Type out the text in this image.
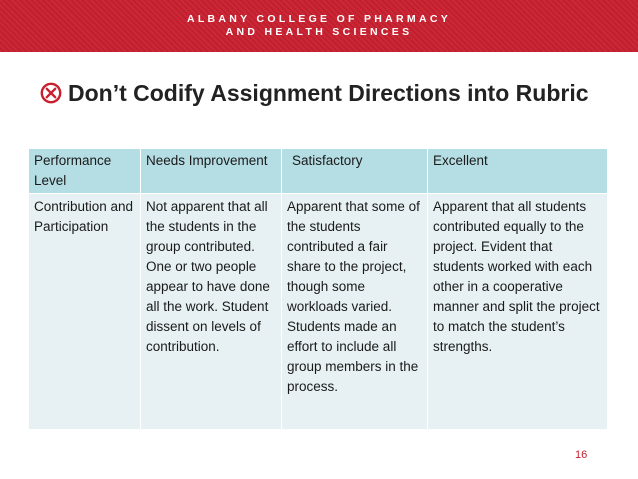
ALBANY COLLEGE OF PHARMACY
AND HEALTH SCIENCES
Don’t Codify Assignment Directions into Rubric
Performance Level	Needs Improvement	Satisfactory	Excellent
Contribution and Participation	Not apparent that all the students in the group contributed. One or two people appear to have done all the work. Student dissent on levels of contribution.	Apparent that some of the students contributed a fair share to the project, though some workloads varied. Students made an effort to include all group members in the process.	Apparent that all students contributed equally to the project. Evident that students worked with each other in a cooperative manner and split the project to match the student’s strengths.
16
